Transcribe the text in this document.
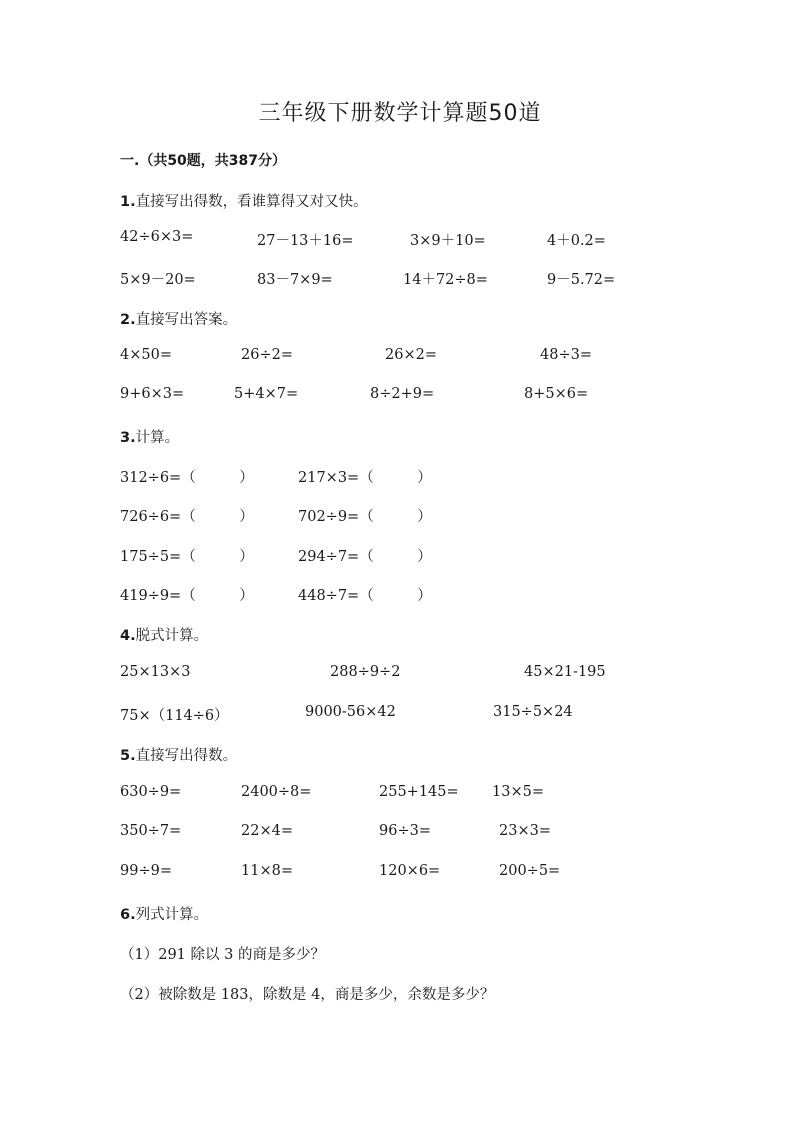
三年级下册数学计算题50道
一.（共50题，共387分）
1.直接写出得数，看谁算得又对又快。
42÷6×3=	27－13＋16=	3×9＋10=	4＋0.2=
5×9－20=	83－7×9=	14＋72÷8=	9－5.72=
2.直接写出答案。
4×50=	26÷2=	26×2=	48÷3=
9+6×3=	5+4×7=	8÷2+9=	8+5×6=
3.计算。
312÷6=（　　　）	217×3=（　　　）
726÷6=（　　　）	702÷9=（　　　）
175÷5=（　　　）	294÷7=（　　　）
419÷9=（　　　）	448÷7=（　　　）
4.脱式计算。
25×13×3	288÷9÷2	45×21-195
75×（114÷6）	9000-56×42	315÷5×24
5.直接写出得数。
630÷9=	2400÷8=	255+145= 13×5=
350÷7=	22×4=	96÷3=	23×3=
99÷9=	11×8=	120×6=	200÷5=
6.列式计算。
（1）291 除以 3 的商是多少？
（2）被除数是 183，除数是 4，商是多少，余数是多少？
